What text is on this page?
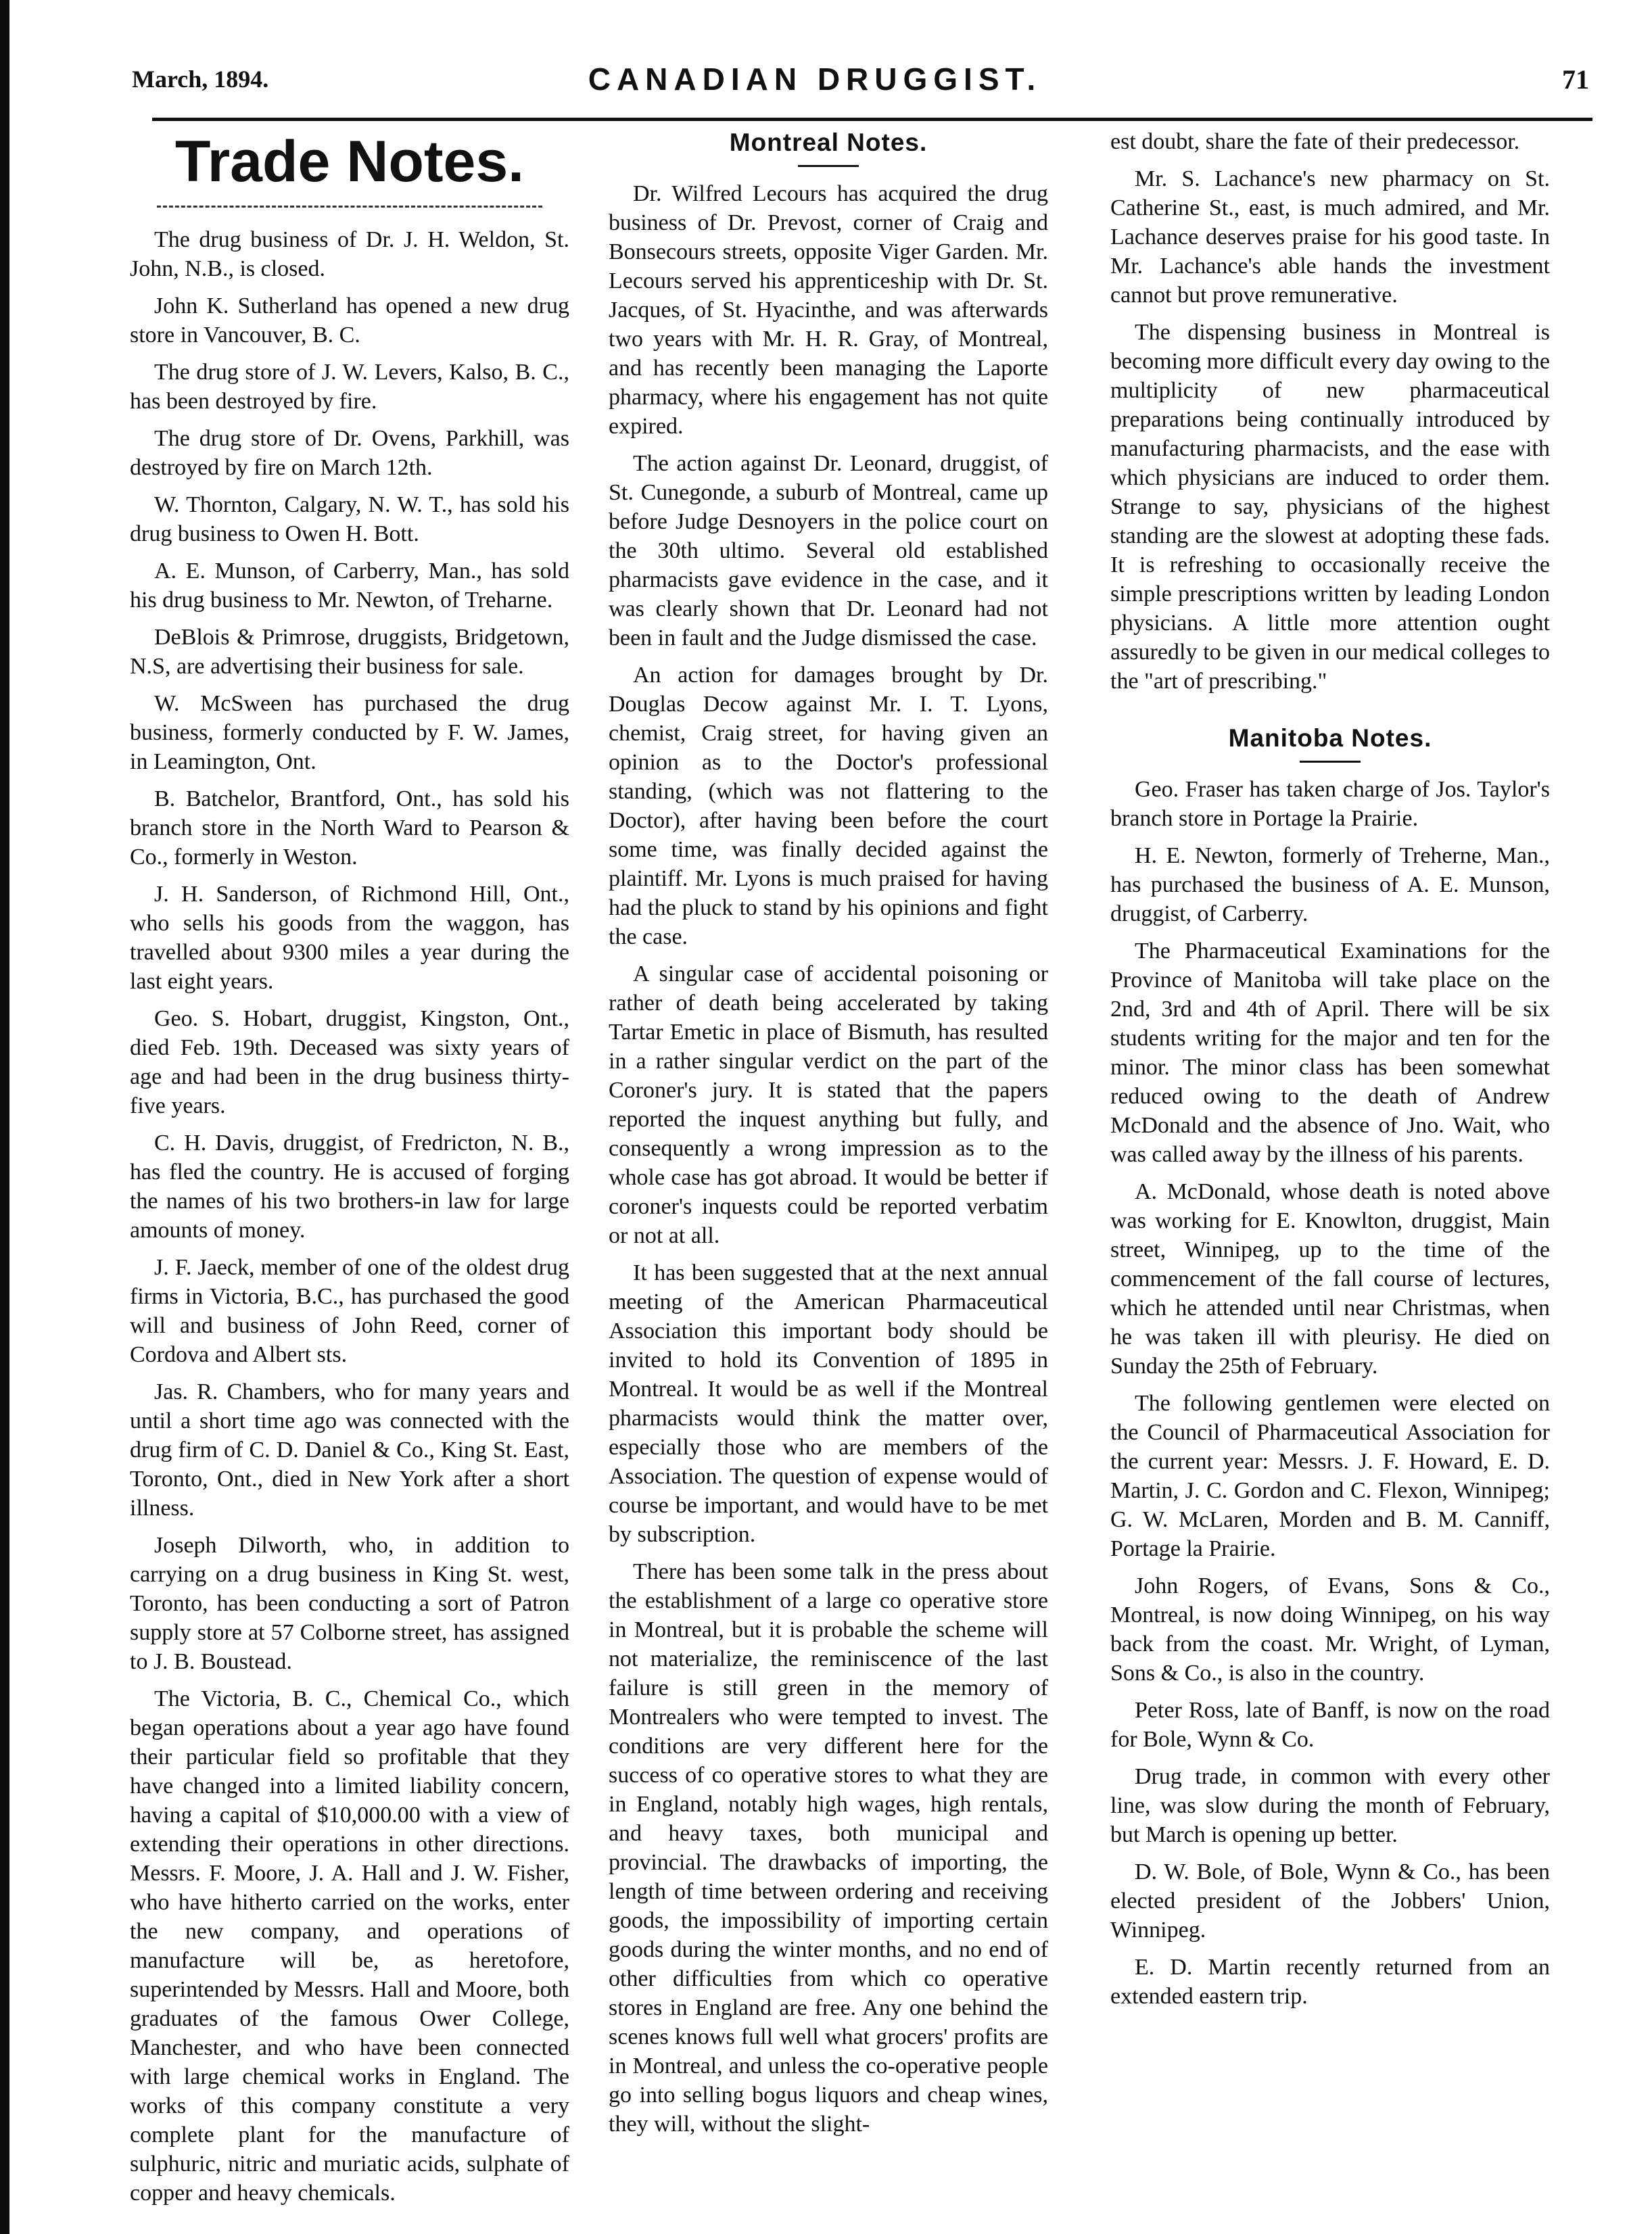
March, 1894.	CANADIAN DRUGGIST.	71
Trade Notes.

The drug business of Dr. J. H. Weldon, St. John, N.B., is closed.

John K. Sutherland has opened a new drug store in Vancouver, B. C.

The drug store of J. W. Levers, Kalso, B. C., has been destroyed by fire.

The drug store of Dr. Ovens, Parkhill, was destroyed by fire on March 12th.

W. Thornton, Calgary, N. W. T., has sold his drug business to Owen H. Bott.

A. E. Munson, of Carberry, Man., has sold his drug business to Mr. Newton, of Treharne.

DeBlois & Primrose, druggists, Bridgetown, N.S, are advertising their business for sale.

W. McSween has purchased the drug business, formerly conducted by F. W. James, in Leamington, Ont.

B. Batchelor, Brantford, Ont., has sold his branch store in the North Ward to Pearson & Co., formerly in Weston.

J. H. Sanderson, of Richmond Hill, Ont., who sells his goods from the waggon, has travelled about 9300 miles a year during the last eight years.

Geo. S. Hobart, druggist, Kingston, Ont., died Feb. 19th. Deceased was sixty years of age and had been in the drug business thirty-five years.

C. H. Davis, druggist, of Fredricton, N. B., has fled the country. He is accused of forging the names of his two brothers-in law for large amounts of money.

J. F. Jaeck, member of one of the oldest drug firms in Victoria, B.C., has purchased the good will and business of John Reed, corner of Cordova and Albert sts.

Jas. R. Chambers, who for many years and until a short time ago was connected with the drug firm of C. D. Daniel & Co., King St. East, Toronto, Ont., died in New York after a short illness.

Joseph Dilworth, who, in addition to carrying on a drug business in King St. west, Toronto, has been conducting a sort of Patron supply store at 57 Colborne street, has assigned to J. B. Boustead.

The Victoria, B. C., Chemical Co., which began operations about a year ago have found their particular field so profitable that they have changed into a limited liability concern, having a capital of $10,000.00 with a view of extending their operations in other directions. Messrs. F. Moore, J. A. Hall and J. W. Fisher, who have hitherto carried on the works, enter the new company, and operations of manufacture will be, as heretofore, superintended by Messrs. Hall and Moore, both graduates of the famous Ower College, Manchester, and who have been connected with large chemical works in England. The works of this company constitute a very complete plant for the manufacture of sulphuric, nitric and muriatic acids, sulphate of copper and heavy chemicals.

Montreal Notes.

Dr. Wilfred Lecours has acquired the drug business of Dr. Prevost, corner of Craig and Bonsecours streets, opposite Viger Garden. Mr. Lecours served his apprenticeship with Dr. St. Jacques, of St. Hyacinthe, and was afterwards two years with Mr. H. R. Gray, of Montreal, and has recently been managing the Laporte pharmacy, where his engagement has not quite expired.

The action against Dr. Leonard, druggist, of St. Cunegonde, a suburb of Montreal, came up before Judge Desnoyers in the police court on the 30th ultimo. Several old established pharmacists gave evidence in the case, and it was clearly shown that Dr. Leonard had not been in fault and the Judge dismissed the case.

An action for damages brought by Dr. Douglas Decow against Mr. I. T. Lyons, chemist, Craig street, for having given an opinion as to the Doctor's professional standing, (which was not flattering to the Doctor), after having been before the court some time, was finally decided against the plaintiff. Mr. Lyons is much praised for having had the pluck to stand by his opinions and fight the case.

A singular case of accidental poisoning or rather of death being accelerated by taking Tartar Emetic in place of Bismuth, has resulted in a rather singular verdict on the part of the Coroner's jury. It is stated that the papers reported the inquest anything but fully, and consequently a wrong impression as to the whole case has got abroad. It would be better if coroner's inquests could be reported verbatim or not at all.

It has been suggested that at the next annual meeting of the American Pharmaceutical Association this important body should be invited to hold its Convention of 1895 in Montreal. It would be as well if the Montreal pharmacists would think the matter over, especially those who are members of the Association. The question of expense would of course be important, and would have to be met by subscription.

There has been some talk in the press about the establishment of a large co operative store in Montreal, but it is probable the scheme will not materialize, the reminiscence of the last failure is still green in the memory of Montrealers who were tempted to invest. The conditions are very different here for the success of co operative stores to what they are in England, notably high wages, high rentals, and heavy taxes, both municipal and provincial. The drawbacks of importing, the length of time between ordering and receiving goods, the impossibility of importing certain goods during the winter months, and no end of other difficulties from which co operative stores in England are free. Any one behind the scenes knows full well what grocers' profits are in Montreal, and unless the co-operative people go into selling bogus liquors and cheap wines, they will, without the slight-

est doubt, share the fate of their predecessor.

Mr. S. Lachance's new pharmacy on St. Catherine St., east, is much admired, and Mr. Lachance deserves praise for his good taste. In Mr. Lachance's able hands the investment cannot but prove remunerative.

The dispensing business in Montreal is becoming more difficult every day owing to the multiplicity of new pharmaceutical preparations being continually introduced by manufacturing pharmacists, and the ease with which physicians are induced to order them. Strange to say, physicians of the highest standing are the slowest at adopting these fads. It is refreshing to occasionally receive the simple prescriptions written by leading London physicians. A little more attention ought assuredly to be given in our medical colleges to the "art of prescribing."

Manitoba Notes.

Geo. Fraser has taken charge of Jos. Taylor's branch store in Portage la Prairie.

H. E. Newton, formerly of Treherne, Man., has purchased the business of A. E. Munson, druggist, of Carberry.

The Pharmaceutical Examinations for the Province of Manitoba will take place on the 2nd, 3rd and 4th of April. There will be six students writing for the major and ten for the minor. The minor class has been somewhat reduced owing to the death of Andrew McDonald and the absence of Jno. Wait, who was called away by the illness of his parents.

A. McDonald, whose death is noted above was working for E. Knowlton, druggist, Main street, Winnipeg, up to the time of the commencement of the fall course of lectures, which he attended until near Christmas, when he was taken ill with pleurisy. He died on Sunday the 25th of February.

The following gentlemen were elected on the Council of Pharmaceutical Association for the current year: Messrs. J. F. Howard, E. D. Martin, J. C. Gordon and C. Flexon, Winnipeg; G. W. McLaren, Morden and B. M. Canniff, Portage la Prairie.

John Rogers, of Evans, Sons & Co., Montreal, is now doing Winnipeg, on his way back from the coast. Mr. Wright, of Lyman, Sons & Co., is also in the country.

Peter Ross, late of Banff, is now on the road for Bole, Wynn & Co.

Drug trade, in common with every other line, was slow during the month of February, but March is opening up better.

D. W. Bole, of Bole, Wynn & Co., has been elected president of the Jobbers' Union, Winnipeg.

E. D. Martin recently returned from an extended eastern trip.
